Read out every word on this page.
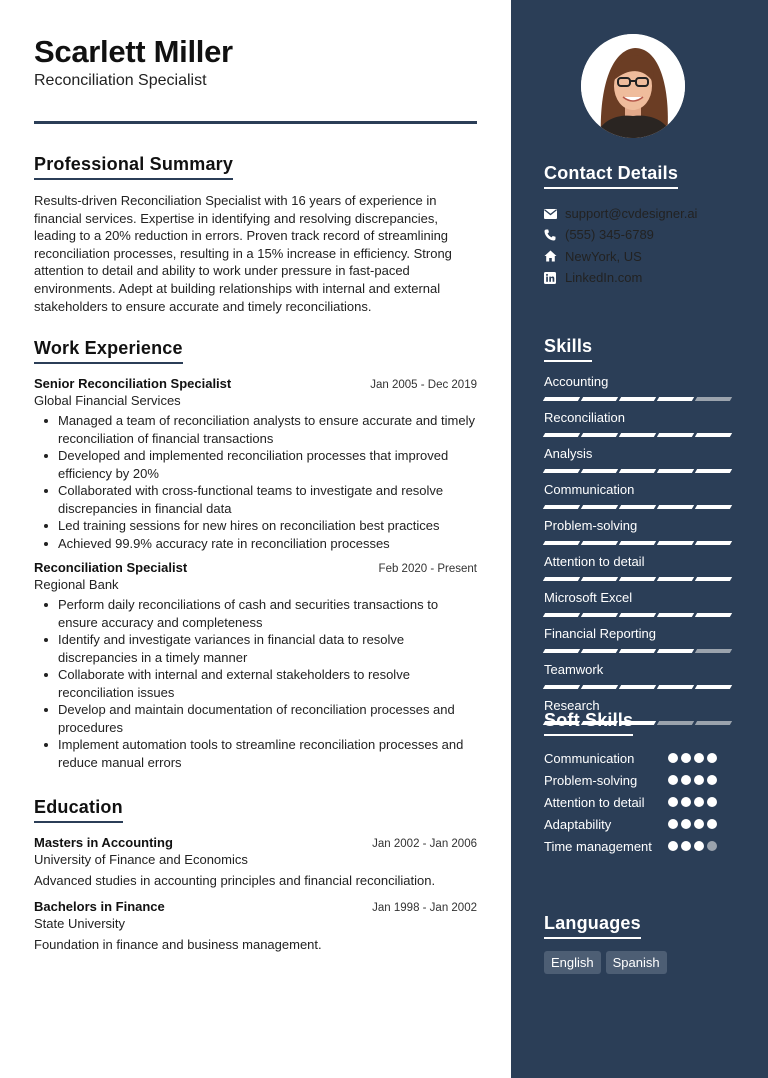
Scarlett Miller
Reconciliation Specialist
Professional Summary

Results-driven Reconciliation Specialist with 16 years of experience in financial services. Expertise in identifying and resolving discrepancies, leading to a 20% reduction in errors. Proven track record of streamlining reconciliation processes, resulting in a 15% increase in efficiency. Strong attention to detail and ability to work under pressure in fast-paced environments. Adept at building relationships with internal and external stakeholders to ensure accurate and timely reconciliations.

Work Experience
Senior Reconciliation Specialist	Jan 2005 - Dec 2019
Global Financial Services
Managed a team of reconciliation analysts to ensure accurate and timely reconciliation of financial transactions
Developed and implemented reconciliation processes that improved efficiency by 20%
Collaborated with cross-functional teams to investigate and resolve discrepancies in financial data
Led training sessions for new hires on reconciliation best practices
Achieved 99.9% accuracy rate in reconciliation processes
Reconciliation Specialist	Feb 2020 - Present
Regional Bank
Perform daily reconciliations of cash and securities transactions to ensure accuracy and completeness
Identify and investigate variances in financial data to resolve discrepancies in a timely manner
Collaborate with internal and external stakeholders to resolve reconciliation issues
Develop and maintain documentation of reconciliation processes and procedures
Implement automation tools to streamline reconciliation processes and reduce manual errors
Education
Masters in Accounting	Jan 2002 - Jan 2006
University of Finance and Economics
Advanced studies in accounting principles and financial reconciliation.
Bachelors in Finance	Jan 1998 - Jan 2002
State University
Foundation in finance and business management.
Contact Details
support@cvdesigner.ai
(555) 345-6789
NewYork, US
LinkedIn.com
Skills
Accounting
Reconciliation
Analysis
Communication
Problem-solving
Attention to detail
Microsoft Excel
Financial Reporting
Teamwork
Research
Soft Skills
Communication
Problem-solving
Attention to detail
Adaptability
Time management
Languages
English	Spanish
